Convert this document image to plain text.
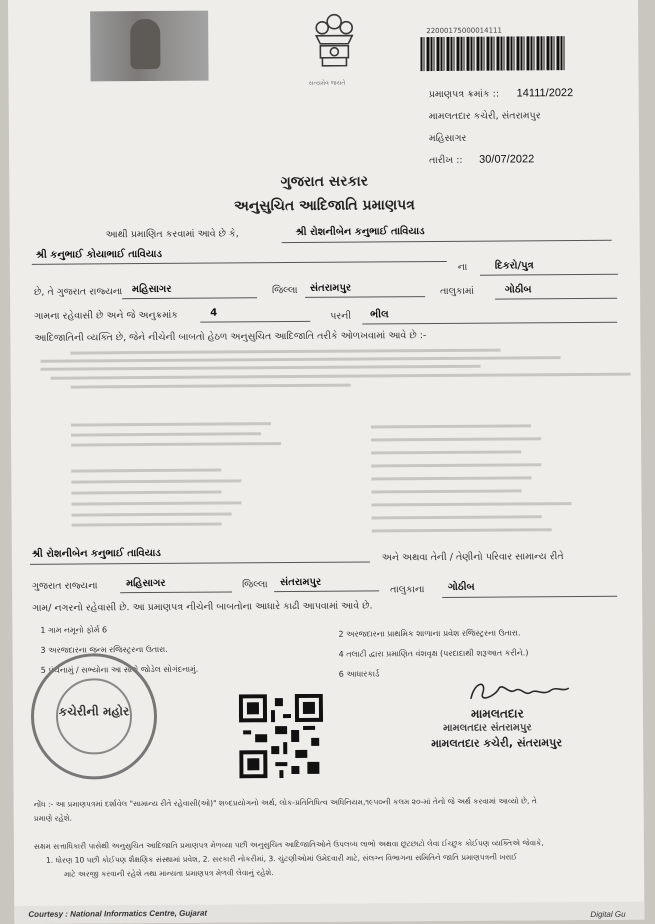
સત્યમેવ જયતે
22000175000014111
પ્રમાણપત્ર ક્રમાંક :: 14111/2022
મામલતદાર કચેરી, સંતરામપુર
મહિસાગર
તારીખ :: 30/07/2022
ગુજરાત સરકાર
અનુસુચિત આદિજાતિ પ્રમાણપત્ર
આથી પ્રમાણિત કરવામાં આવે છે કે,	શ્રી રોશનીબેન કનુભાઈ તાવિયાડ
શ્રી કનુભાઈ કોયાભાઈ તાવિયાડ
ના	દિકરો/પુત્ર
છે, તે ગુજરાત રાજ્યના મહિસાગર	જિલ્લા સંતરામપુર	તાલુકામાં	ગોઠીબ
ગામના રહેવાસી છે અને જે અનુક્રમાંક	4	પરની ભીલ
આદિજાતિની વ્યક્તિ છે, જેને નીચેની બાબતો હેઠળ અનુસુચિત આદિજાતિ તરીકે ઓળખવામાં આવે છે :-
શ્રી રોશનીબેન કનુભાઈ તાવિયાડ	અને અથવા તેની / તેણીનો પરિવાર સામાન્ય રીતે
ગુજરાત રાજ્યના	મહિસાગર	જિલ્લા સંતરામપુર
તાલુકાના ગોઠીબ
ગામ/ નગરનો રહેવાસી છે. આ પ્રમાણપત્ર નીચેની બાબતોના આધારે કાઢી આપવામાં આવે છે.
1 ગામ નમૂનો ફોર્મ 6
3 અરજદારના જન્મ રજિસ્ટ્રરના ઉતારા.
5 પંચનામું / સભ્યોના આ સાથે જોડેલ સોગંદનામું.
2 અરજદારના પ્રાથમિક શાળાના પ્રવેશ રજિસ્ટ્રરના ઉતારા.
4 તલાટી દ્વારા પ્રમાણિત વંશવૃક્ષ (પરદાદાથી શરૂઆત કરીને.)
6 આધારકાર્ડ
કચેરીની મહોર	મામલતદાર
મામલતદાર સંતરામપુર
મામલતદાર કચેરી, સંતરામપુર
નોંધ :- આ પ્રમાણપત્રમાં દર્શાવેલ "સામાન્ય રીતે રહેવાસી(ઓ)" શબ્દપ્રયોગનો અર્થ, લોક-પ્રતિનિધિત્વ અધિનિયમ,૧૯૫૦ની કલમ ૨૦-માં તેનો જે અર્થ કરવામાં આવ્યો છે, તે
પ્રમાણે રહેશે.
સક્ષમ સત્તાધિકારી પાસેથી અનુસુચિત આદિજાતિ પ્રમાણપત્ર મેળવ્યા પછી અનુસુચિત આદિજાતિઓને ઉપલબ્ધ લાભો અથવા છૂટછાટો લેવા ઈચ્છુક કોઈપણ વ્યક્તિએ જેવાકે,
1. ધોરણ 10 પછી કોઈપણ શૈક્ષણિક સંસ્થામાં પ્રવેશ, 2. સરકારી નોકરીમાં, 3. ચુંટણીઓમાં ઉમેદવારી માટે, સંલગ્ન વિભાગના સમિતિને જાતિ પ્રમાણપત્રની ખરાઈ
માટે અરજી કરવાની રહેશે તથા માન્યતા પ્રમાણપત્ર મેળવી લેવાનું રહેશે.
Courtesy : National Informatics Centre, Gujarat	Digital Gu
